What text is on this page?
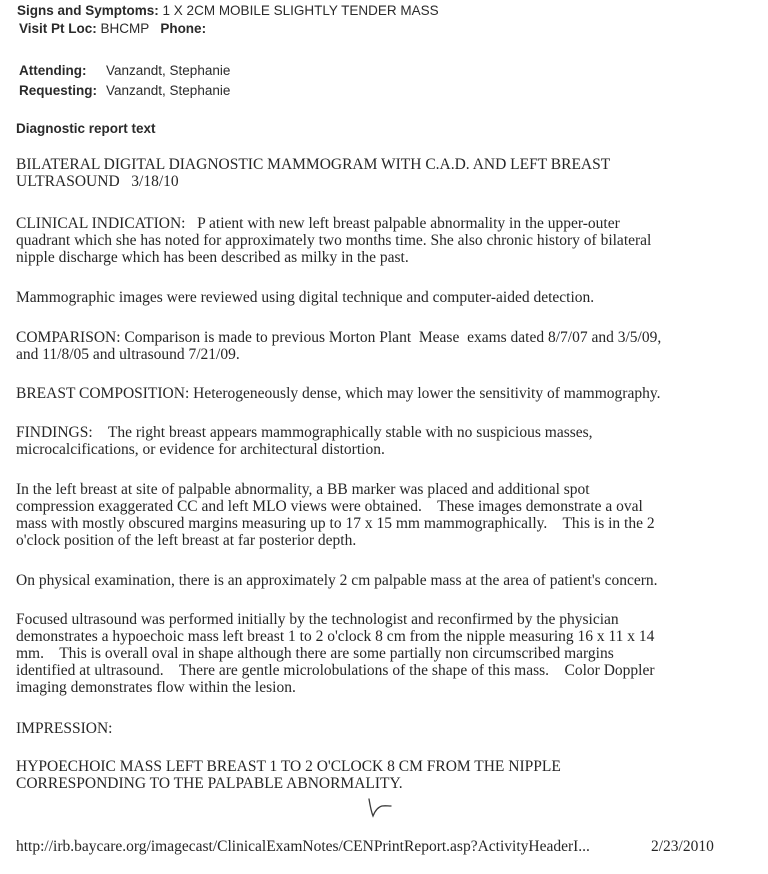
Signs and Symptoms: 1 X 2CM MOBILE SLIGHTLY TENDER MASS
Visit Pt Loc: BHCMP Phone:
Attending: Vanzandt, Stephanie
Requesting: Vanzandt, Stephanie
Diagnostic report text
BILATERAL DIGITAL DIAGNOSTIC MAMMOGRAM WITH C.A.D. AND LEFT BREAST
ULTRASOUND   3/18/10
CLINICAL INDICATION:   P atient with new left breast palpable abnormality in the upper-outer
quadrant which she has noted for approximately two months time. She also chronic history of bilateral
nipple discharge which has been described as milky in the past.
Mammographic images were reviewed using digital technique and computer-aided detection.
COMPARISON: Comparison is made to previous Morton Plant  Mease  exams dated 8/7/07 and 3/5/09,
and 11/8/05 and ultrasound 7/21/09.
BREAST COMPOSITION: Heterogeneously dense, which may lower the sensitivity of mammography.
FINDINGS:    The right breast appears mammographically stable with no suspicious masses,
microcalcifications, or evidence for architectural distortion.
In the left breast at site of palpable abnormality, a BB marker was placed and additional spot
compression exaggerated CC and left MLO views were obtained.    These images demonstrate a oval
mass with mostly obscured margins measuring up to 17 x 15 mm mammographically.    This is in the 2
o'clock position of the left breast at far posterior depth.
On physical examination, there is an approximately 2 cm palpable mass at the area of patient's concern.
Focused ultrasound was performed initially by the technologist and reconfirmed by the physician
demonstrates a hypoechoic mass left breast 1 to 2 o'clock 8 cm from the nipple measuring 16 x 11 x 14
mm.    This is overall oval in shape although there are some partially non circumscribed margins
identified at ultrasound.    There are gentle microlobulations of the shape of this mass.    Color Doppler
imaging demonstrates flow within the lesion.
IMPRESSION:
HYPOECHOIC MASS LEFT BREAST 1 TO 2 O'CLOCK 8 CM FROM THE NIPPLE
CORRESPONDING TO THE PALPABLE ABNORMALITY.
http://irb.baycare.org/imagecast/ClinicalExamNotes/CENPrintReport.asp?ActivityHeaderI...	2/23/2010
